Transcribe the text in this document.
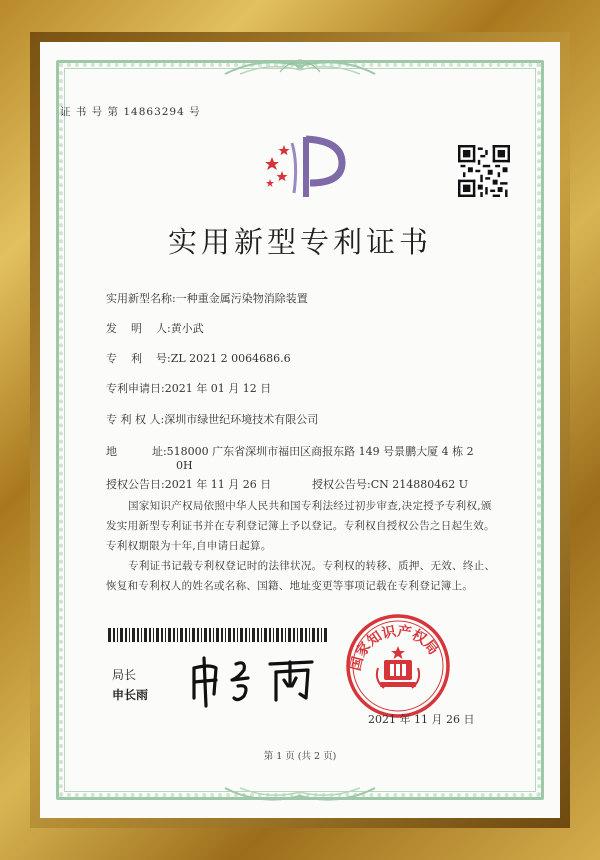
证 书 号 第 14863294 号
实用新型专利证书
实用新型名称:一种重金属污染物消除装置
发    明    人:黄小武
专    利    号:ZL 2021 2 0064686.6
专利申请日:2021 年 01 月 12 日
专 利 权 人:深圳市绿世纪环境技术有限公司
地          址:518000 广东省深圳市福田区商报东路 149 号景鹏大厦 4 栋 2
0H
授权公告日:2021 年 11 月 26 日	授权公告号:CN 214880462 U
国家知识产权局依照中华人民共和国专利法经过初步审查,决定授予专利权,颁发实用新型专利证书并在专利登记簿上予以登记。专利权自授权公告之日起生效。专利权期限为十年,自申请日起算。
专利证书记载专利权登记时的法律状况。专利权的转移、质押、无效、终止、恢复和专利权人的姓名或名称、国籍、地址变更等事项记载在专利登记簿上。
局长
申长雨
国家知识产权局
2021 年 11 月 26 日
第 1 页 (共 2 页)
